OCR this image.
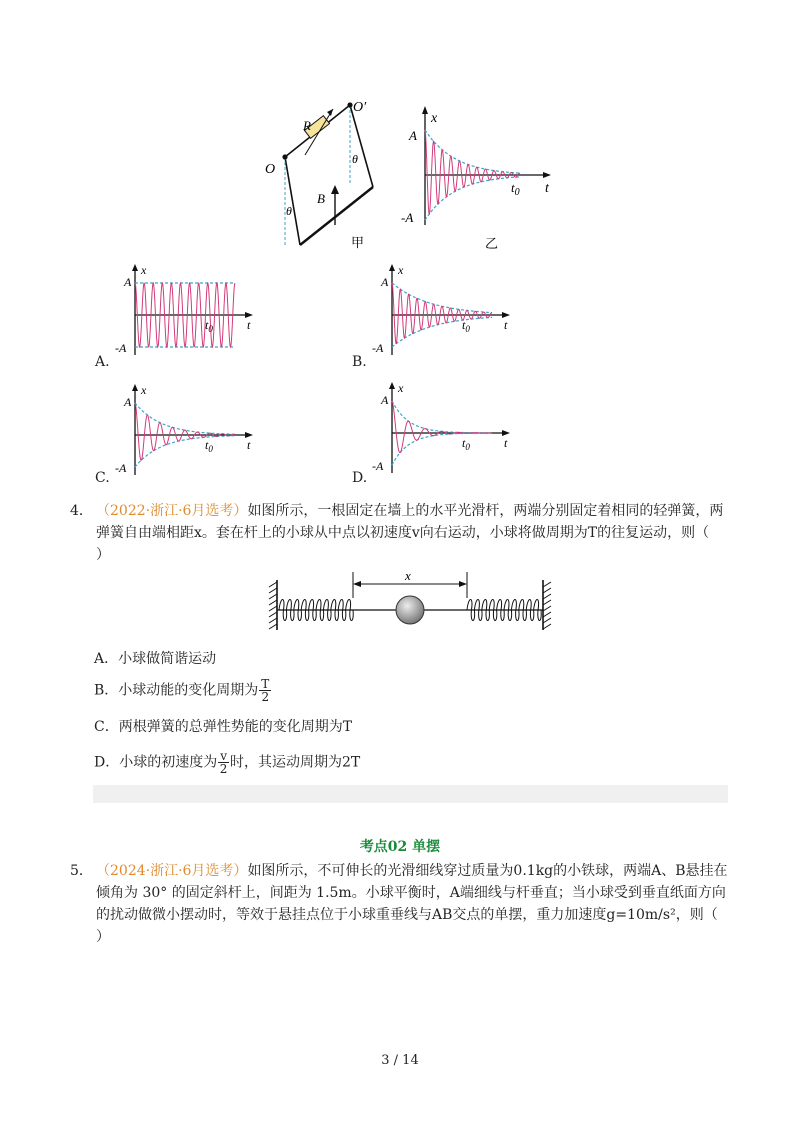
O
O′
R
B
θ
θ
甲
x
t
A
-A
$t_0$
乙
A.
x
t
A
-A
$t_0$
B.
x
t
A
-A
$t_0$
C.
x
t
A
-A
$t_0$
D.
x
t
A
-A
$t_0$
4． （2022·浙江·6月选考）如图所示，一根固定在墙上的水平光滑杆，两端分别固定着相同的轻弹簧，两
弹簧自由端相距x。套在杆上的小球从中点以初速度v向右运动，小球将做周期为T的往复运动，则（
）
x
A．小球做简谐运动
B．小球动能的变化周期为 $\frac{T}{2}$
C．两根弹簧的总弹性势能的变化周期为T
D．小球的初速度为 $\frac{v}{2}$ 时，其运动周期为2T
考点02 单摆
5． （2024·浙江·6月选考）如图所示，不可伸长的光滑细线穿过质量为0.1kg的小铁球，两端A、B悬挂在
倾角为 30° 的固定斜杆上，间距为 1.5m。小球平衡时，A端细线与杆垂直；当小球受到垂直纸面方向
的扰动做微小摆动时，等效于悬挂点位于小球重垂线与AB交点的单摆，重力加速度g=10m/s²，则（
）
3 / 14
